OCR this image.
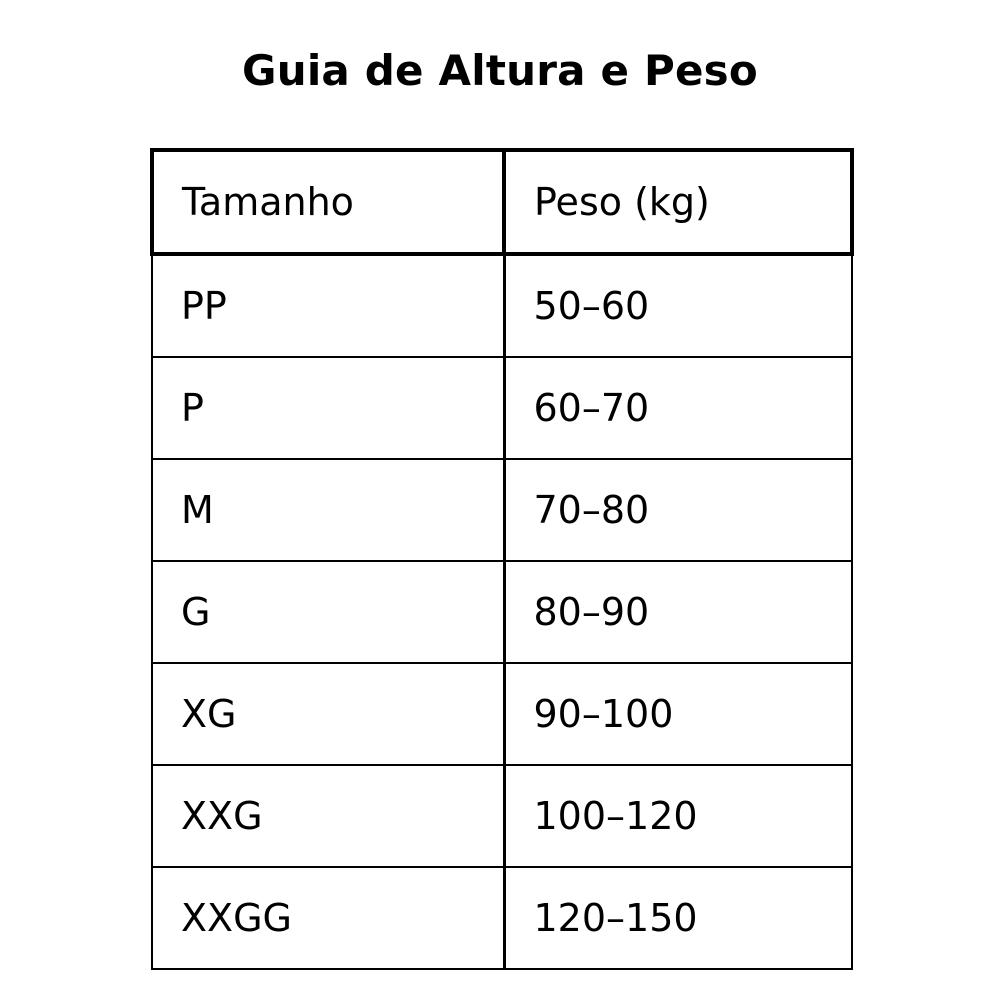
Guia de Altura e Peso
Tamanho	Peso (kg)
PP	50–60
P	60–70
M	70–80
G	80–90
XG	90–100
XXG	100–120
XXGG	120–150
